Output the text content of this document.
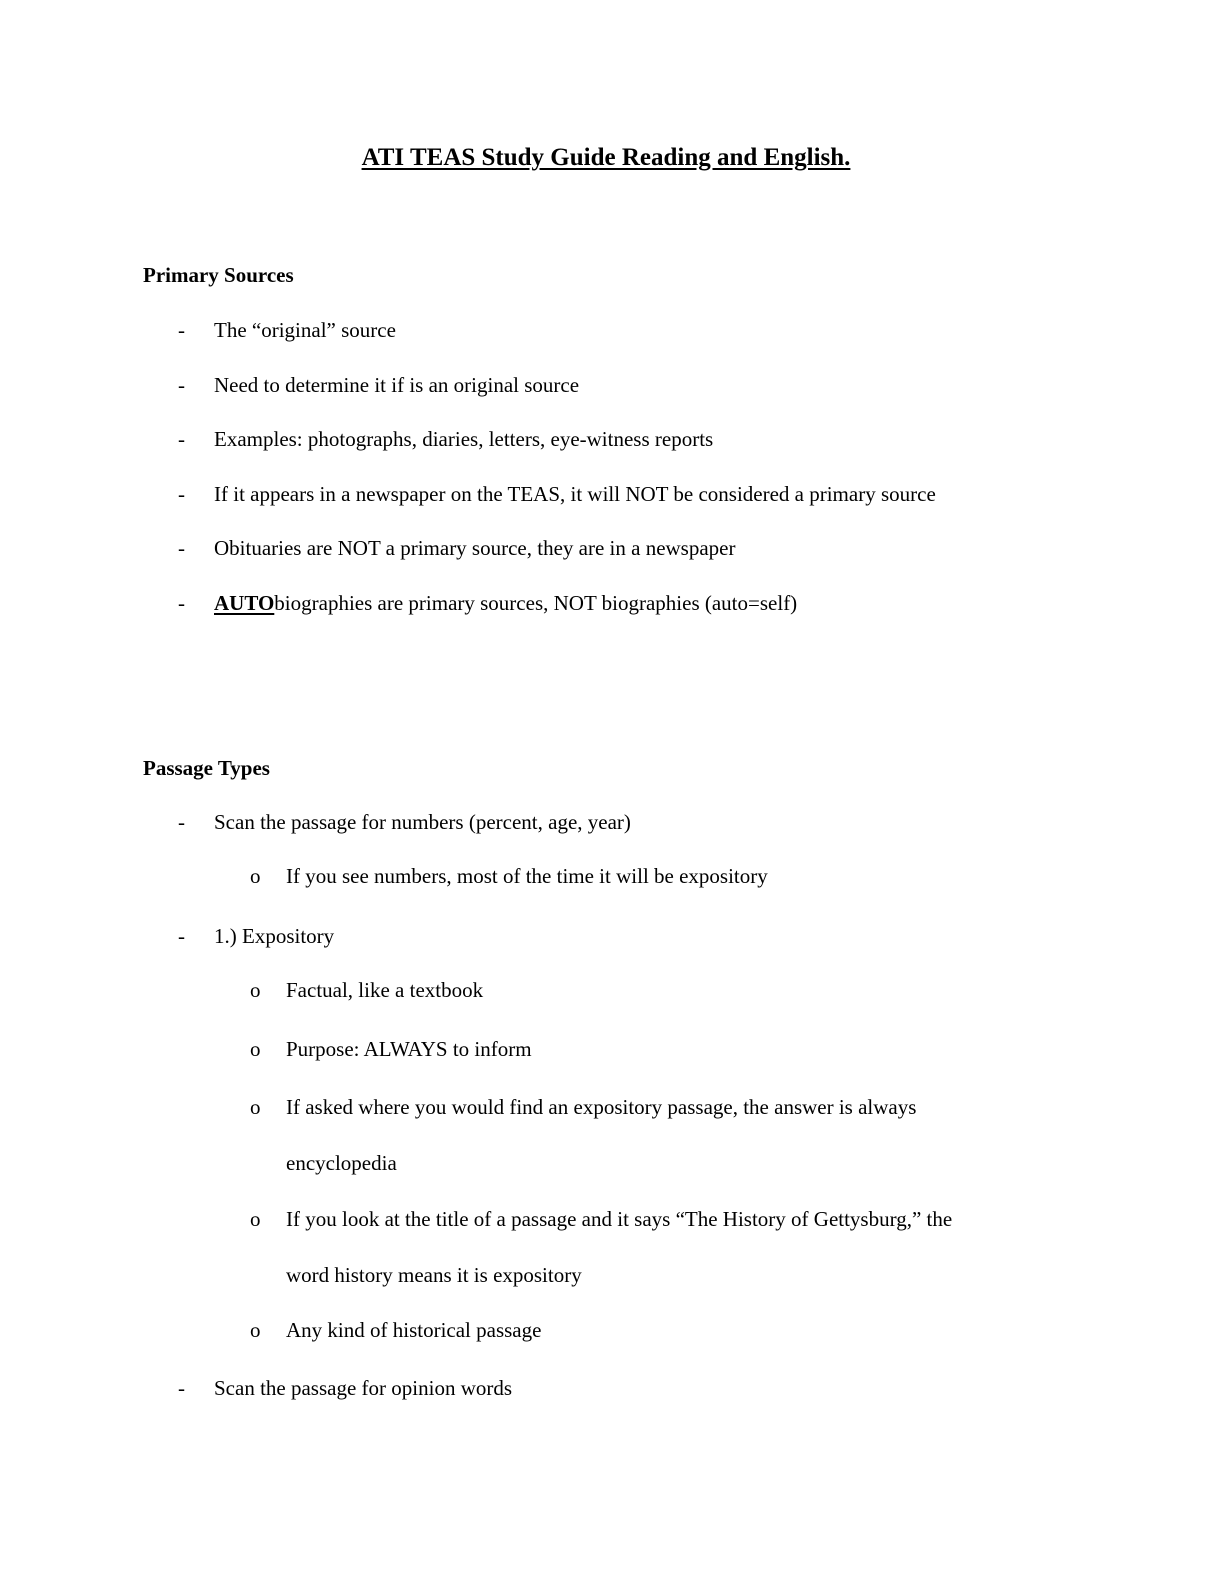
ATI TEAS Study Guide Reading and English.
Primary Sources
- The “original” source
- Need to determine it if is an original source
- Examples: photographs, diaries, letters, eye-witness reports
- If it appears in a newspaper on the TEAS, it will NOT be considered a primary source
- Obituaries are NOT a primary source, they are in a newspaper
- AUTObiographies are primary sources, NOT biographies (auto=self)
Passage Types
- Scan the passage for numbers (percent, age, year)
o If you see numbers, most of the time it will be expository
- 1.) Expository
o Factual, like a textbook
o Purpose: ALWAYS to inform
o If asked where you would find an expository passage, the answer is always
encyclopedia
o If you look at the title of a passage and it says “The History of Gettysburg,” the
word history means it is expository
o Any kind of historical passage
- Scan the passage for opinion words
